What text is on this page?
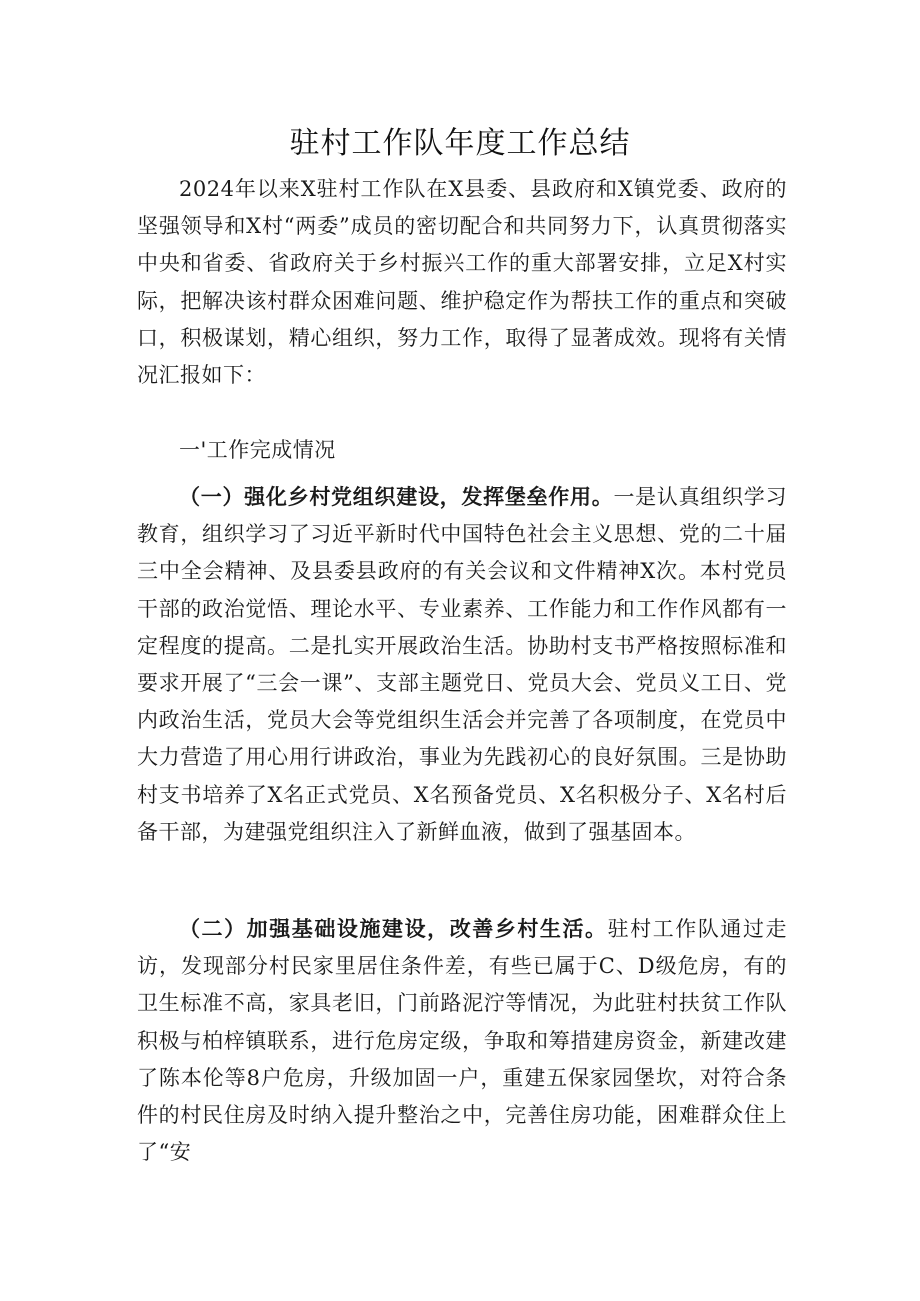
驻村工作队年度工作总结

2024年以来X驻村工作队在X县委、县政府和X镇党委、政府的坚强领导和X村“两委”成员的密切配合和共同努力下，认真贯彻落实中央和省委、省政府关于乡村振兴工作的重大部署安排，立足X村实际，把解决该村群众困难问题、维护稳定作为帮扶工作的重点和突破口，积极谋划，精心组织，努力工作，取得了显著成效。现将有关情况汇报如下：

一'工作完成情况

（一）强化乡村党组织建设，发挥堡垒作用。一是认真组织学习教育，组织学习了习近平新时代中国特色社会主义思想、党的二十届三中全会精神、及县委县政府的有关会议和文件精神X次。本村党员干部的政治觉悟、理论水平、专业素养、工作能力和工作作风都有一定程度的提高。二是扎实开展政治生活。协助村支书严格按照标准和要求开展了“三会一课”、支部主题党日、党员大会、党员义工日、党内政治生活，党员大会等党组织生活会并完善了各项制度，在党员中大力营造了用心用行讲政治，事业为先践初心的良好氛围。三是协助村支书培养了X名正式党员、X名预备党员、X名积极分子、X名村后备干部，为建强党组织注入了新鲜血液，做到了强基固本。

（二）加强基础设施建设，改善乡村生活。驻村工作队通过走访，发现部分村民家里居住条件差，有些已属于C、D级危房，有的卫生标准不高，家具老旧，门前路泥泞等情况，为此驻村扶贫工作队积极与柏梓镇联系，进行危房定级，争取和筹措建房资金，新建改建了陈本伦等8户危房，升级加固一户，重建五保家园堡坎，对符合条件的村民住房及时纳入提升整治之中，完善住房功能，困难群众住上了“安
